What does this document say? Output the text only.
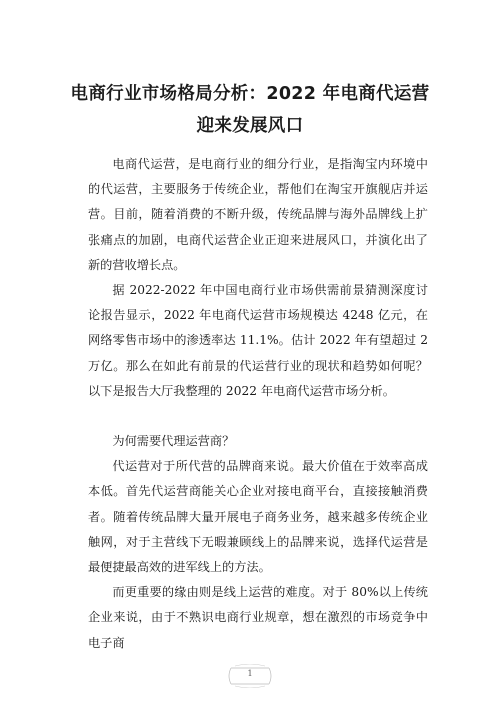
电商行业市场格局分析：2022 年电商代运营迎来发展风口

电商代运营，是电商行业的细分行业，是指淘宝内环境中的代运营，主要服务于传统企业，帮他们在淘宝开旗舰店并运营。目前，随着消费的不断升级，传统品牌与海外品牌线上扩张痛点的加剧，电商代运营企业正迎来进展风口，并演化出了新的营收增长点。

据 2022-2022 年中国电商行业市场供需前景猜测深度讨论报告显示，2022 年电商代运营市场规模达 4248 亿元，在网络零售市场中的渗透率达 11.1%。估计 2022 年有望超过 2 万亿。那么在如此有前景的代运营行业的现状和趋势如何呢？以下是报告大厅我整理的 2022 年电商代运营市场分析。

为何需要代理运营商？

代运营对于所代营的品牌商来说。最大价值在于效率高成本低。首先代运营商能关心企业对接电商平台，直接接触消费者。随着传统品牌大量开展电子商务业务，越来越多传统企业触网，对于主营线下无暇兼顾线上的品牌来说，选择代运营是最便捷最高效的进军线上的方法。

而更重要的缘由则是线上运营的难度。对于 80%以上传统企业来说，由于不熟识电商行业规章，想在激烈的市场竞争中电子商

1
